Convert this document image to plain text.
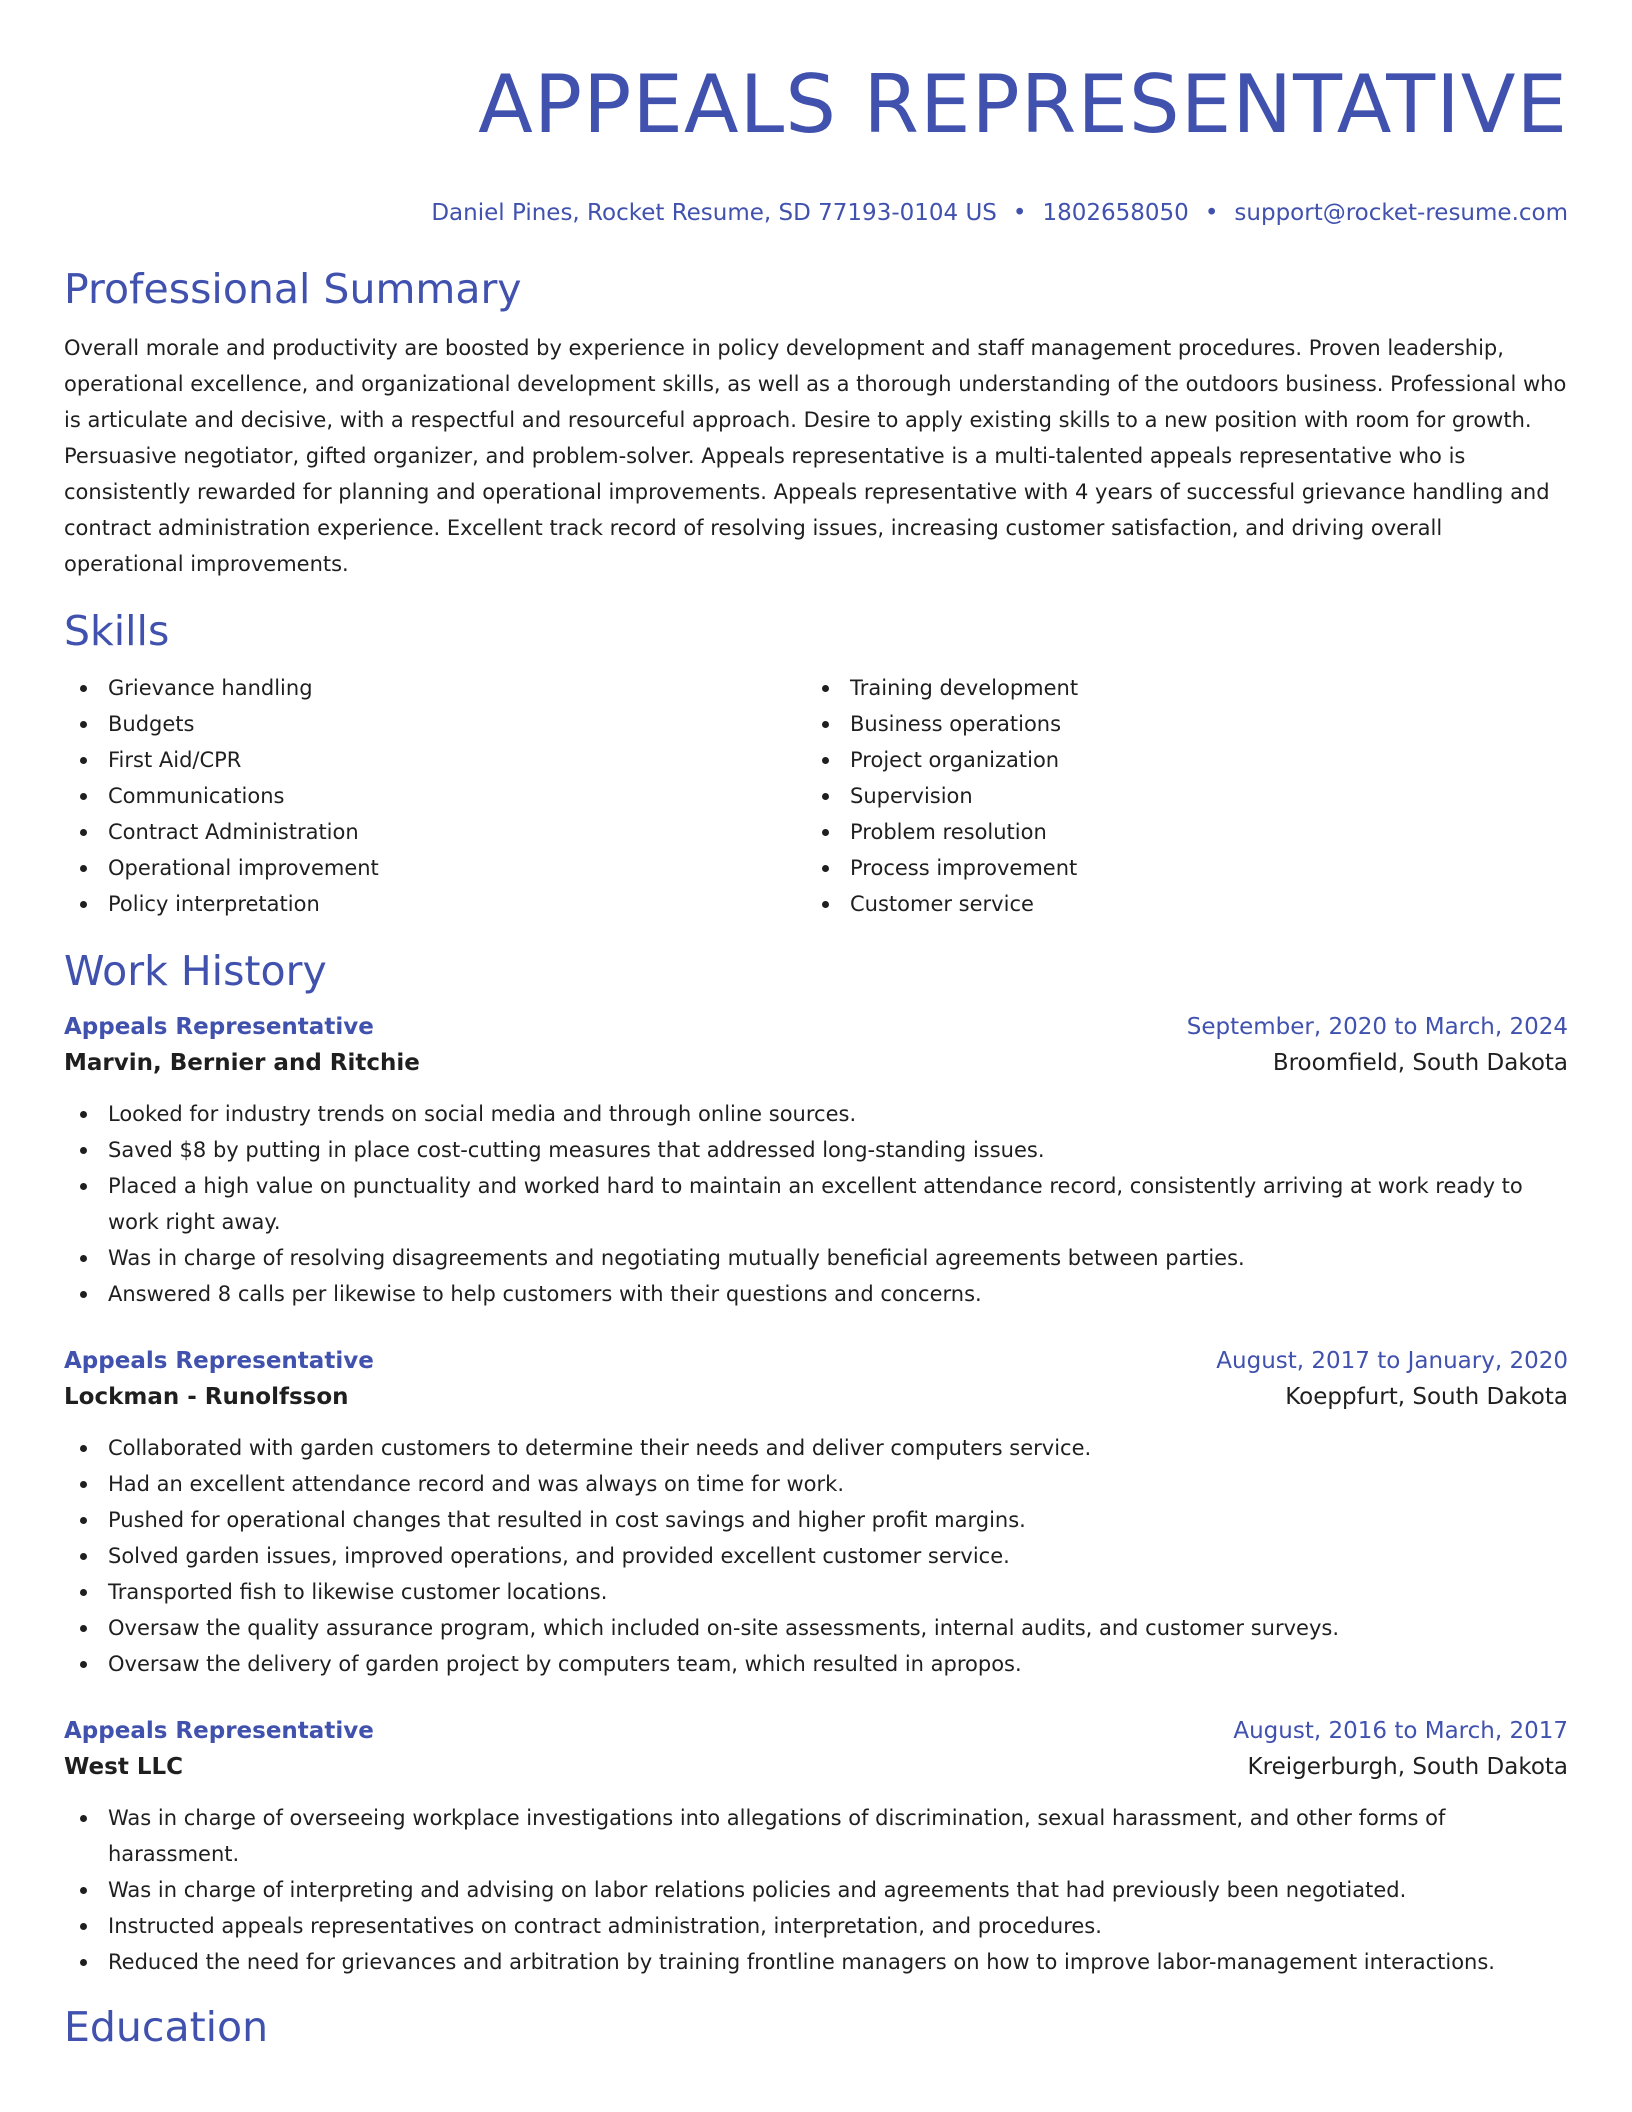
APPEALS REPRESENTATIVE
Daniel Pines, Rocket Resume, SD 77193-0104 US • 1802658050 • support@rocket-resume.com
Professional Summary
Overall morale and productivity are boosted by experience in policy development and staff management procedures. Proven leadership, operational excellence, and organizational development skills, as well as a thorough understanding of the outdoors business. Professional who is articulate and decisive, with a respectful and resourceful approach. Desire to apply existing skills to a new position with room for growth. Persuasive negotiator, gifted organizer, and problem-solver. Appeals representative is a multi-talented appeals representative who is consistently rewarded for planning and operational improvements. Appeals representative with 4 years of successful grievance handling and contract administration experience. Excellent track record of resolving issues, increasing customer satisfaction, and driving overall operational improvements.
Skills
Grievance handling
Budgets
First Aid/CPR
Communications
Contract Administration
Operational improvement
Policy interpretation
Training development
Business operations
Project organization
Supervision
Problem resolution
Process improvement
Customer service
Work History
Appeals Representative	September, 2020 to March, 2024
Marvin, Bernier and Ritchie	Broomfield, South Dakota
Looked for industry trends on social media and through online sources.
Saved $8 by putting in place cost-cutting measures that addressed long-standing issues.
Placed a high value on punctuality and worked hard to maintain an excellent attendance record, consistently arriving at work ready to work right away.
Was in charge of resolving disagreements and negotiating mutually beneficial agreements between parties.
Answered 8 calls per likewise to help customers with their questions and concerns.
Appeals Representative	August, 2017 to January, 2020
Lockman - Runolfsson	Koeppfurt, South Dakota
Collaborated with garden customers to determine their needs and deliver computers service.
Had an excellent attendance record and was always on time for work.
Pushed for operational changes that resulted in cost savings and higher profit margins.
Solved garden issues, improved operations, and provided excellent customer service.
Transported fish to likewise customer locations.
Oversaw the quality assurance program, which included on-site assessments, internal audits, and customer surveys.
Oversaw the delivery of garden project by computers team, which resulted in apropos.
Appeals Representative	August, 2016 to March, 2017
West LLC	Kreigerburgh, South Dakota
Was in charge of overseeing workplace investigations into allegations of discrimination, sexual harassment, and other forms of harassment.
Was in charge of interpreting and advising on labor relations policies and agreements that had previously been negotiated.
Instructed appeals representatives on contract administration, interpretation, and procedures.
Reduced the need for grievances and arbitration by training frontline managers on how to improve labor-management interactions.
Education
